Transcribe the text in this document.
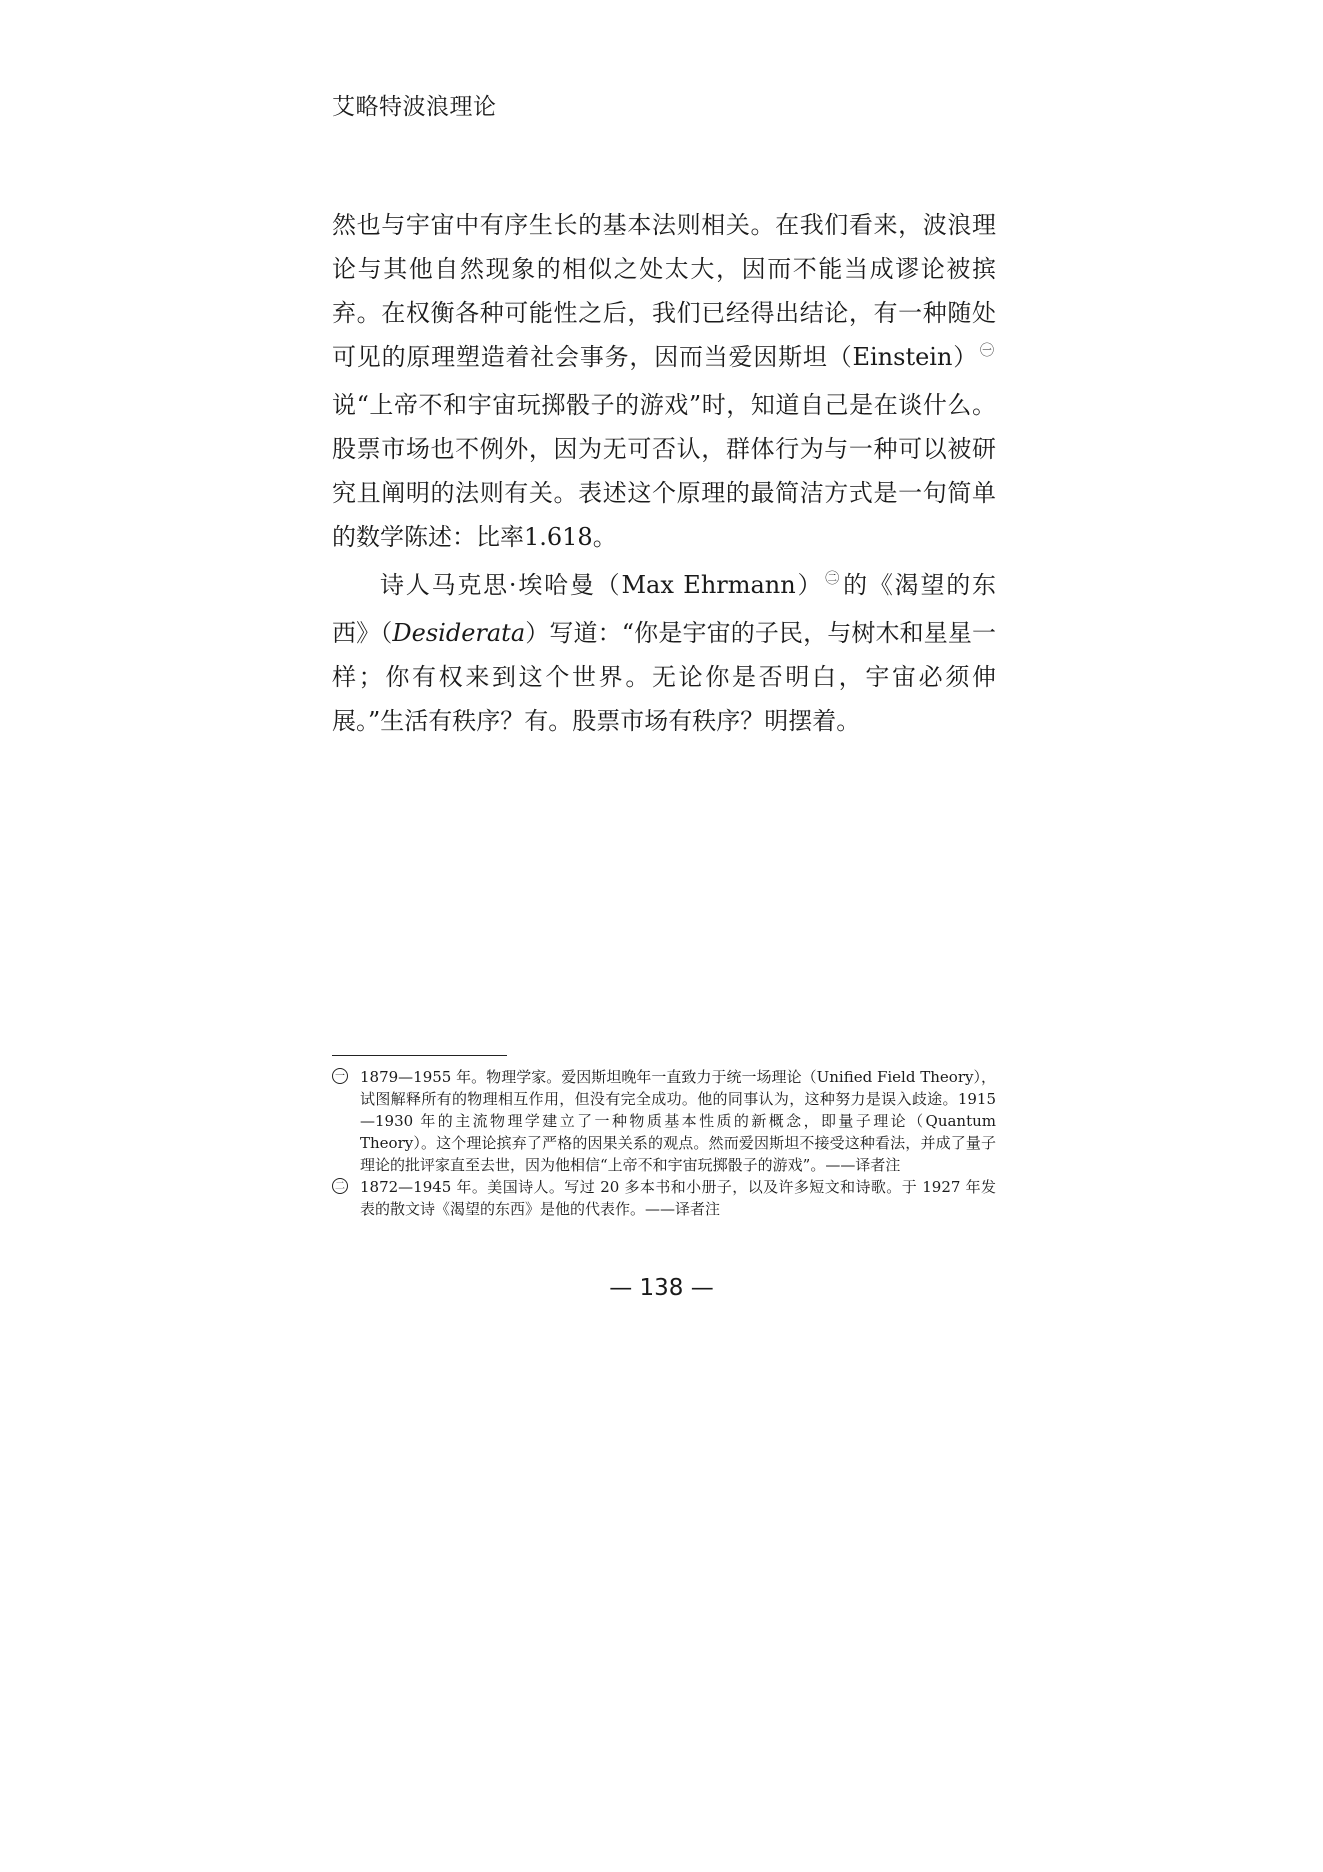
艾略特波浪理论

然也与宇宙中有序生长的基本法则相关。在我们看来，波浪理论与其他自然现象的相似之处太大，因而不能当成谬论被摈弃。在权衡各种可能性之后，我们已经得出结论，有一种随处可见的原理塑造着社会事务，因而当爱因斯坦（Einstein） $^㊀$说“上帝不和宇宙玩掷骰子的游戏”时，知道自己是在谈什么。股票市场也不例外，因为无可否认，群体行为与一种可以被研究且阐明的法则有关。表述这个原理的最简洁方式是一句简单的数学陈述：比率1.618。

诗人马克思·埃哈曼（Max Ehrmann） $^㊁$的《渴望的东西》（Desiderata）写道：“你是宇宙的子民，与树木和星星一样；你有权来到这个世界。无论你是否明白，宇宙必须伸展。”生活有秩序？有。股票市场有秩序？明摆着。

一 1879—1955 年。物理学家。爱因斯坦晚年一直致力于统一场理论（Unified Field Theory），试图解释所有的物理相互作用，但没有完全成功。他的同事认为，这种努力是误入歧途。1915—1930 年的主流物理学建立了一种物质基本性质的新概念，即量子理论（Quantum Theory）。这个理论摈弃了严格的因果关系的观点。然而爱因斯坦不接受这种看法，并成了量子理论的批评家直至去世，因为他相信“上帝不和宇宙玩掷骰子的游戏”。——译者注
二 1872—1945 年。美国诗人。写过 20 多本书和小册子，以及许多短文和诗歌。于 1927 年发表的散文诗《渴望的东西》是他的代表作。——译者注
— 138 —
